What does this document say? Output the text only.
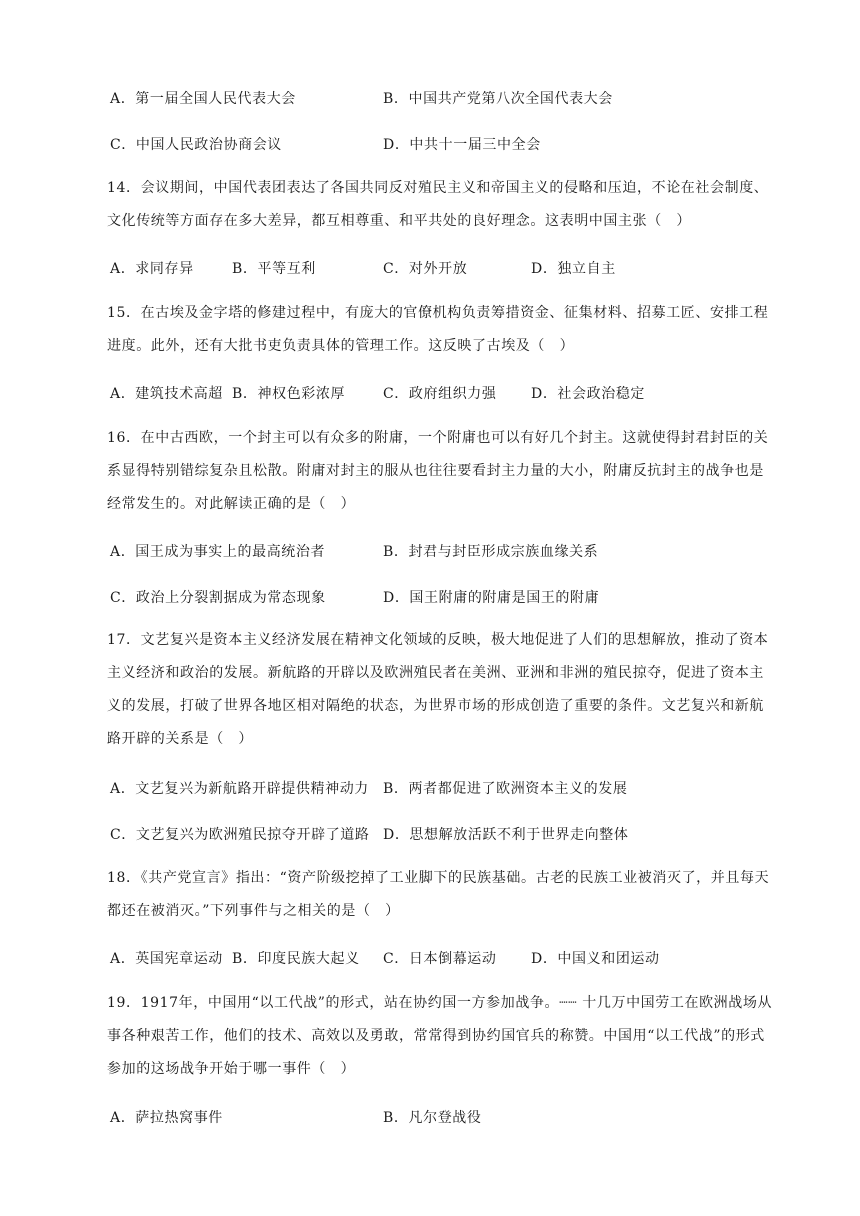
A．第一届全国人民代表大会	B．中国共产党第八次全国代表大会
C．中国人民政治协商会议	D．中共十一届三中全会
14．会议期间，中国代表团表达了各国共同反对殖民主义和帝国主义的侵略和压迫，不论在社会制度、文化传统等方面存在多大差异，都互相尊重、和平共处的良好理念。这表明中国主张（　）
A．求同存异	B．平等互利	C．对外开放	D．独立自主
15．在古埃及金字塔的修建过程中，有庞大的官僚机构负责筹措资金、征集材料、招募工匠、安排工程进度。此外，还有大批书吏负责具体的管理工作。这反映了古埃及（　）
A．建筑技术高超 B．神权色彩浓厚	C．政府组织力强 D．社会政治稳定
16．在中古西欧，一个封主可以有众多的附庸，一个附庸也可以有好几个封主。这就使得封君封臣的关系显得特别错综复杂且松散。附庸对封主的服从也往往要看封主力量的大小，附庸反抗封主的战争也是经常发生的。对此解读正确的是（　）
A．国王成为事实上的最高统治者	B．封君与封臣形成宗族血缘关系
C．政治上分裂割据成为常态现象	D．国王附庸的附庸是国王的附庸
17．文艺复兴是资本主义经济发展在精神文化领域的反映，极大地促进了人们的思想解放，推动了资本主义经济和政治的发展。新航路的开辟以及欧洲殖民者在美洲、亚洲和非洲的殖民掠夺，促进了资本主义的发展，打破了世界各地区相对隔绝的状态，为世界市场的形成创造了重要的条件。文艺复兴和新航路开辟的关系是（　）
A．文艺复兴为新航路开辟提供精神动力 B．两者都促进了欧洲资本主义的发展
C．文艺复兴为欧洲殖民掠夺开辟了道路 D．思想解放活跃不利于世界走向整体
18．《共产党宣言》指出：“资产阶级挖掉了工业脚下的民族基础。古老的民族工业被消灭了，并且每天都还在被消灭。”下列事件与之相关的是（　）
A．英国宪章运动 B．印度民族大起义 C．日本倒幕运动 D．中国义和团运动
19．1917年，中国用“以工代战”的形式，站在协约国一方参加战争。┈┈ 十几万中国劳工在欧洲战场从事各种艰苦工作，他们的技术、高效以及勇敢，常常得到协约国官兵的称赞。中国用“以工代战”的形式参加的这场战争开始于哪一事件（　）
A．萨拉热窝事件	B．凡尔登战役
